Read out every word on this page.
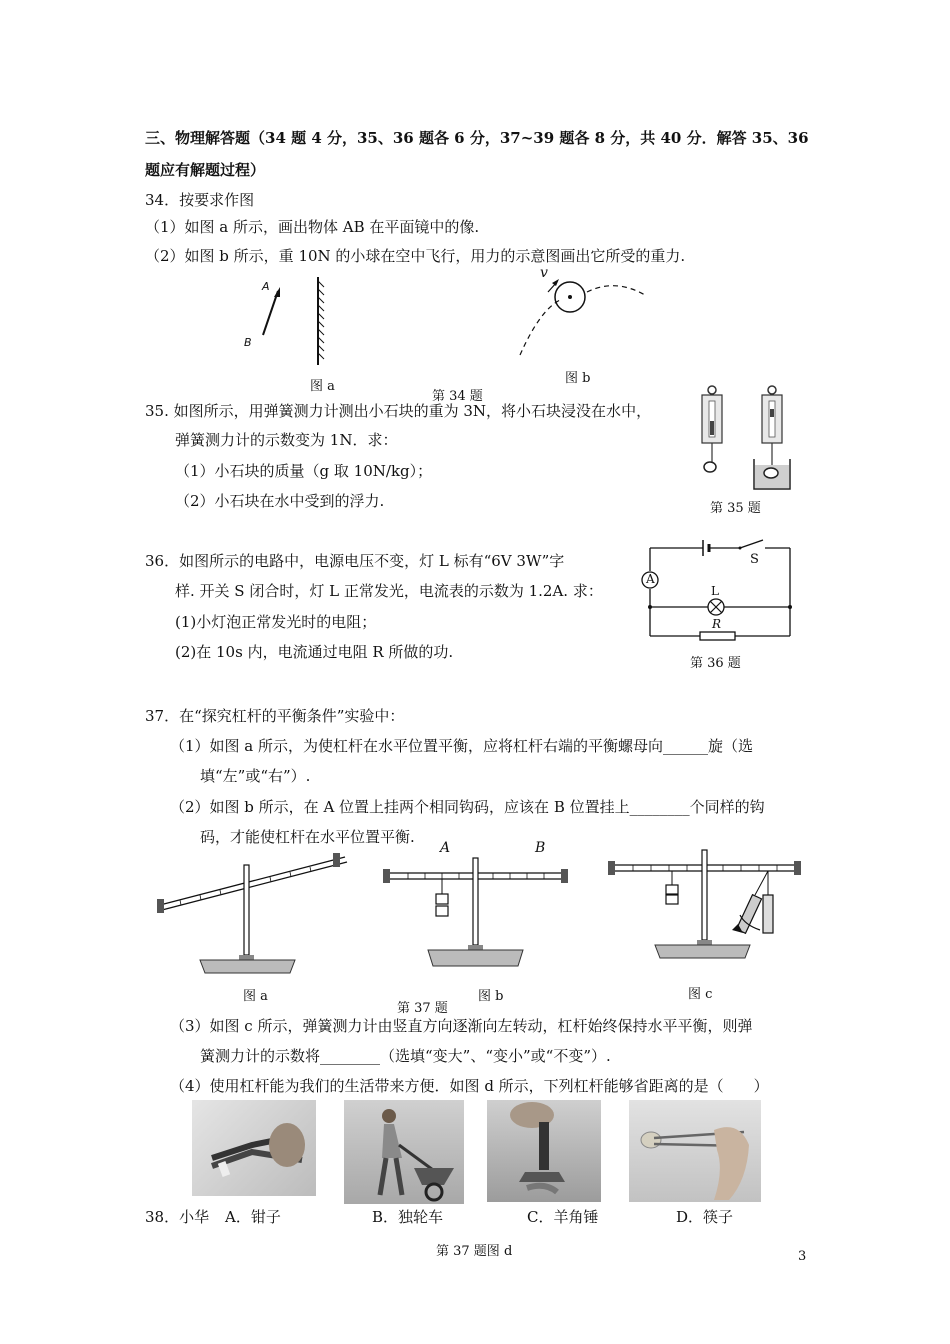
三、物理解答题（34 题 4 分，35、36 题各 6 分，37~39 题各 8 分，共 40 分．解答 35、36
题应有解题过程）
34．按要求作图
（1）如图 a 所示，画出物体 AB 在平面镜中的像.
（2）如图 b 所示，重 10N 的小球在空中飞行，用力的示意图画出它所受的重力.
A
B
图 a
v
图 b
第 34 题
35. 如图所示，用弹簧测力计测出小石块的重为 3N，将小石块浸没在水中，
弹簧测力计的示数变为 1N．求：
（1）小石块的质量（g 取 10N/kg）；
（2）小石块在水中受到的浮力.	第 35 题
36．如图所示的电路中，电源电压不变，灯 L 标有“6V 3W”字
样. 开关 S 闭合时，灯 L 正常发光，电流表的示数为 1.2A. 求：
(1)小灯泡正常发光时的电阻；
(2)在 10s 内，电流通过电阻 R 所做的功.
S
A
L
R
第 36 题
37．在“探究杠杆的平衡条件”实验中：
（1）如图 a 所示，为使杠杆在水平位置平衡，应将杠杆右端的平衡螺母向______旋（选
填“左”或“右”）.
（2）如图 b 所示，在 A 位置上挂两个相同钩码，应该在 B 位置挂上________个同样的钩
码，才能使杠杆在水平位置平衡.
图 a
A	B
图 b	图 c
第 37 题
（3）如图 c 所示，弹簧测力计由竖直方向逐渐向左转动，杠杆始终保持水平平衡，则弹
簧测力计的示数将________（选填“变大”、“变小”或“不变”）.
（4）使用杠杆能为我们的生活带来方便．如图 d 所示，下列杠杆能够省距离的是（　　）
38．小华 A．钳子	B．独轮车	C．羊角锤	D．筷子
第 37 题图 d	3
